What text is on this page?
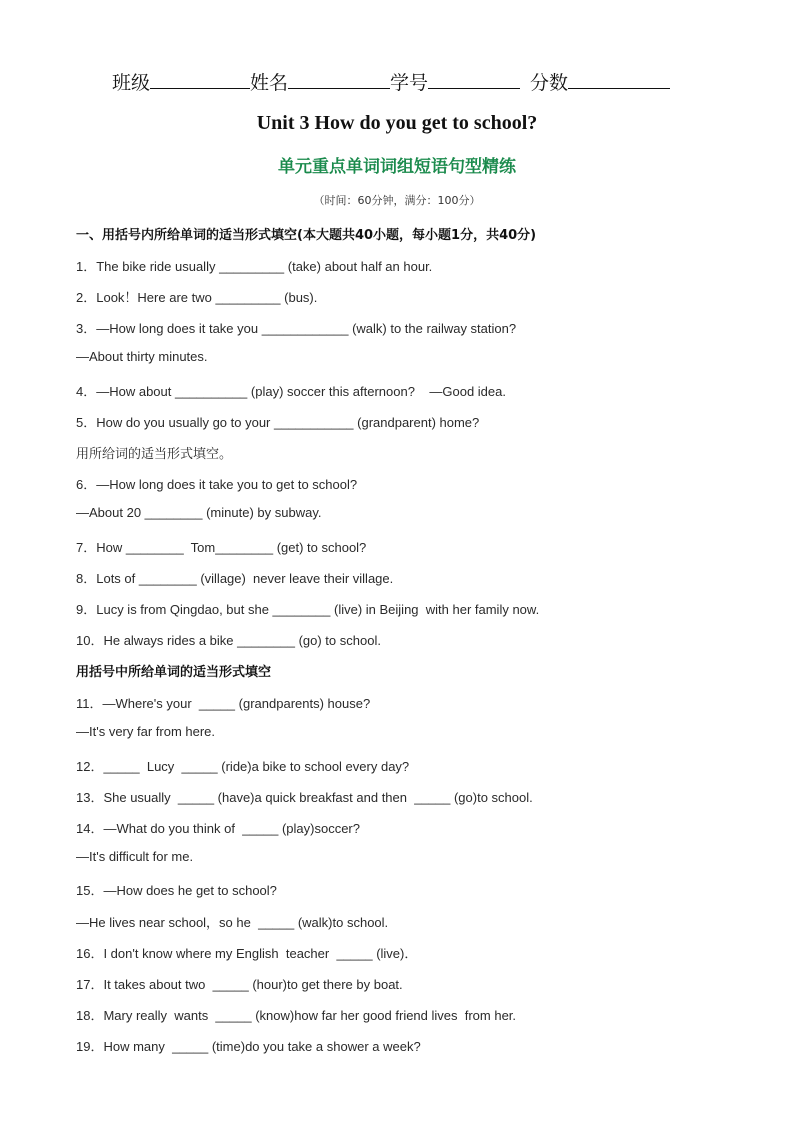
班级	姓名	学号	分数
Unit 3 How do you get to school?
单元重点单词词组短语句型精练
（时间：60分钟，满分：100分）
一、用括号内所给单词的适当形式填空(本大题共40小题，每小题1分，共40分)
1．The bike ride usually _________ (take) about half an hour.
2．Look！Here are two _________ (bus).
3．—How long does it take you ____________ (walk) to the railway station?
—About thirty minutes.
4．—How about __________ (play) soccer this afternoon?    —Good idea.
5．How do you usually go to your ___________ (grandparent) home?
用所给词的适当形式填空。
6．—How long does it take you to get to school?
—About 20 ________ (minute) by subway.
7．How ________  Tom________ (get) to school?
8．Lots of ________ (village)  never leave their village.
9．Lucy is from Qingdao, but she ________ (live) in Beijing  with her family now.
10．He always rides a bike ________ (go) to school.
用括号中所给单词的适当形式填空
11．—Where's your  _____ (grandparents) house?
—It's very far from here.
12．_____  Lucy  _____ (ride)a bike to school every day?
13．She usually  _____ (have)a quick breakfast and then  _____ (go)to school.
14．—What do you think of  _____ (play)soccer?
—It's difficult for me.
15．—How does he get to school?
—He lives near school，so he  _____ (walk)to school.
16．I don't know where my English  teacher  _____ (live)．
17．It takes about two  _____ (hour)to get there by boat.
18．Mary really  wants  _____ (know)how far her good friend lives  from her.
19．How many  _____ (time)do you take a shower a week?
